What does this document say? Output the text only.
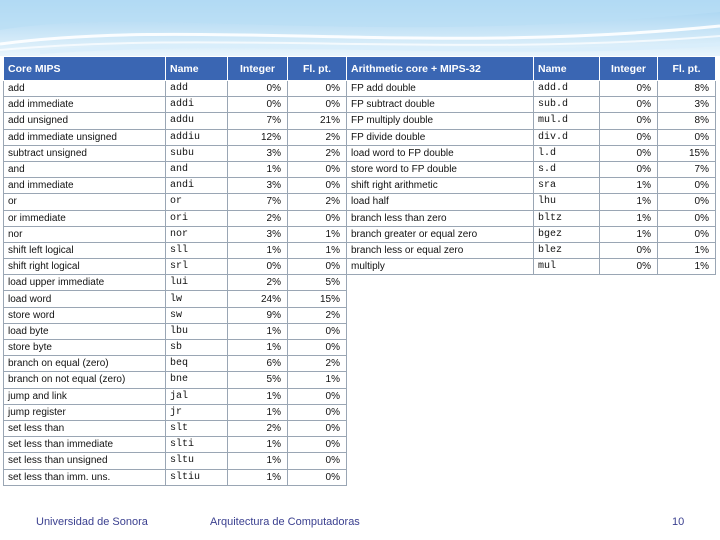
Core MIPS	Name	Integer	Fl. pt.
add	add	0%	0%
add immediate	addi	0%	0%
add unsigned	addu	7%	21%
add immediate unsigned	addiu	12%	2%
subtract unsigned	subu	3%	2%
and	and	1%	0%
and immediate	andi	3%	0%
or	or	7%	2%
or immediate	ori	2%	0%
nor	nor	3%	1%
shift left logical	sll	1%	1%
shift right logical	srl	0%	0%
load upper immediate	lui	2%	5%
load word	lw	24%	15%
store word	sw	9%	2%
load byte	lbu	1%	0%
store byte	sb	1%	0%
branch on equal (zero)	beq	6%	2%
branch on not equal (zero)	bne	5%	1%
jump and link	jal	1%	0%
jump register	jr	1%	0%
set less than	slt	2%	0%
set less than immediate	slti	1%	0%
set less than unsigned	sltu	1%	0%
set less than imm. uns.	sltiu	1%	0%
Arithmetic core + MIPS-32	Name	Integer	Fl. pt.
FP add double	add.d	0%	8%
FP subtract double	sub.d	0%	3%
FP multiply double	mul.d	0%	8%
FP divide double	div.d	0%	0%
load word to FP double	l.d	0%	15%
store word to FP double	s.d	0%	7%
shift right arithmetic	sra	1%	0%
load half	lhu	1%	0%
branch less than zero	bltz	1%	0%
branch greater or equal zero	bgez	1%	0%
branch less or equal zero	blez	0%	1%
multiply	mul	0%	1%
Universidad de Sonora	Arquitectura de Computadoras	10
